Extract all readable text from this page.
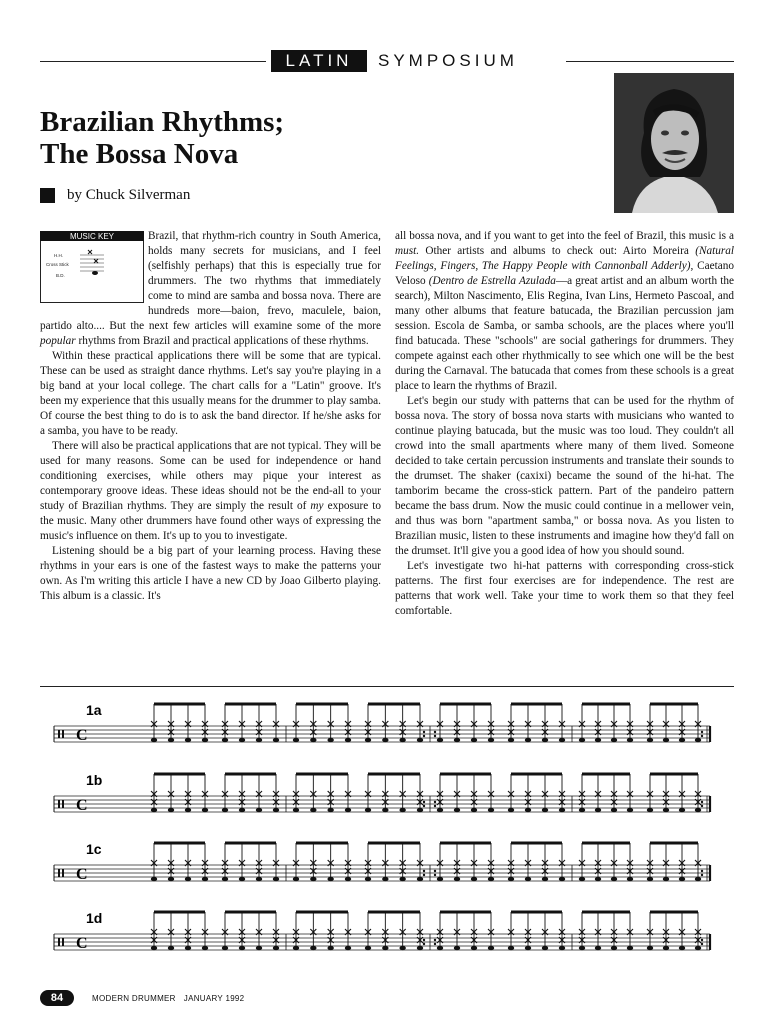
LATIN	SYMPOSIUM
Brazilian Rhythms;
The Bossa Nova
by Chuck Silverman
MUSIC KEY
H.H.
Cross Stick
B.D.

Brazil, that rhythm-rich country in South America, holds many secrets for musicians, and I feel (selfishly perhaps) that this is especially true for drummers. The two rhythms that immediately come to mind are samba and bossa nova. There are hundreds more—baion, frevo, maculele, baion, partido alto.... But the next few articles will examine some of the more popular rhythms from Brazil and practical applications of these rhythms.

Within these practical applications there will be some that are typical. These can be used as straight dance rhythms. Let's say you're playing in a big band at your local college. The chart calls for a "Latin" groove. It's been my experience that this usually means for the drummer to play samba. Of course the best thing to do is to ask the band director. If he/she asks for a samba, you have to be ready.

There will also be practical applications that are not typical. They will be used for many reasons. Some can be used for independence or hand conditioning exercises, while others may pique your interest as contemporary groove ideas. These ideas should not be the end-all to your study of Brazilian rhythms. They are simply the result of my exposure to the music. Many other drummers have found other ways of expressing the music's influence on them. It's up to you to investigate.

Listening should be a big part of your learning process. Having these rhythms in your ears is one of the fastest ways to make the patterns your own. As I'm writing this article I have a new CD by Joao Gilberto playing. This album is a classic. It's

all bossa nova, and if you want to get into the feel of Brazil, this music is a must. Other artists and albums to check out: Airto Moreira (Natural Feelings, Fingers, The Happy People with Cannonball Adderly), Caetano Veloso (Dentro de Estrella Azulada—a great artist and an album worth the search), Milton Nascimento, Elis Regina, Ivan Lins, Hermeto Pascoal, and many other albums that feature batucada, the Brazilian percussion jam session. Escola de Samba, or samba schools, are the places where you'll find batucada. These "schools" are social gatherings for drummers. They compete against each other rhythmically to see which one will be the best during the Carnaval. The batucada that comes from these schools is a great place to learn the rhythms of Brazil.

Let's begin our study with patterns that can be used for the rhythm of bossa nova. The story of bossa nova starts with musicians who wanted to continue playing batucada, but the music was too loud. They couldn't all crowd into the small apartments where many of them lived. Someone decided to take certain percussion instruments and translate their sounds to the drumset. The shaker (caxixi) became the sound of the hi-hat. The tamborim became the cross-stick pattern. Part of the pandeiro pattern became the bass drum. Now the music could continue in a mellower vein, and thus was born "apartment samba," or bossa nova. As you listen to Brazilian music, listen to these instruments and imagine how they'd fall on the drumset. It'll give you a good idea of how you should sound.

Let's investigate two hi-hat patterns with corresponding cross-stick patterns. The first four exercises are for independence. The rest are patterns that work well. Take your time to work them so that they feel comfortable.

1a
C
1b
C
1c
C
1d
C
84	MODERN DRUMMER JANUARY 1992
